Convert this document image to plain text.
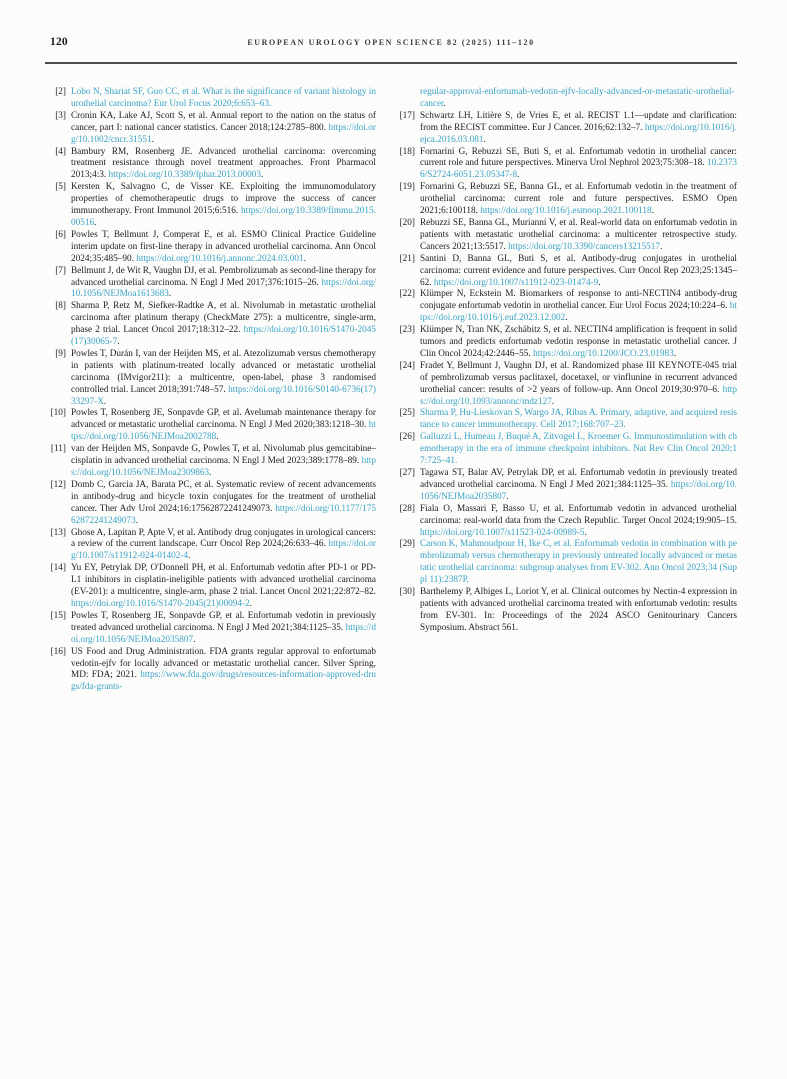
120	EUROPEAN UROLOGY OPEN SCIENCE 82 (2025) 111–120
[2] Lobo N, Shariat SF, Guo CC, et al. What is the significance of variant histology in urothelial carcinoma? Eur Urol Focus 2020;6:653–63.
[3] Cronin KA, Lake AJ, Scott S, et al. Annual report to the nation on the status of cancer, part I: national cancer statistics. Cancer 2018;124:2785–800. https://doi.org/10.1002/cncr.31551.
[4] Bambury RM, Rosenberg JE. Advanced urothelial carcinoma: overcoming treatment resistance through novel treatment approaches. Front Pharmacol 2013;4:3. https://doi.org/10.3389/fphar.2013.00003.
[5] Kersten K, Salvagno C, de Visser KE. Exploiting the immunomodulatory properties of chemotherapeutic drugs to improve the success of cancer immunotherapy. Front Immunol 2015;6:516. https://doi.org/10.3389/fimmu.2015.00516.
[6] Powles T, Bellmunt J, Comperat E, et al. ESMO Clinical Practice Guideline interim update on first-line therapy in advanced urothelial carcinoma. Ann Oncol 2024;35:485–90. https://doi.org/10.1016/j.annonc.2024.03.001.
[7] Bellmunt J, de Wit R, Vaughn DJ, et al. Pembrolizumab as second-line therapy for advanced urothelial carcinoma. N Engl J Med 2017;376:1015–26. https://doi.org/10.1056/NEJMoa1613683.
[8] Sharma P, Retz M, Siefker-Radtke A, et al. Nivolumab in metastatic urothelial carcinoma after platinum therapy (CheckMate 275): a multicentre, single-arm, phase 2 trial. Lancet Oncol 2017;18:312–22. https://doi.org/10.1016/S1470-2045(17)30065-7.
[9] Powles T, Durán I, van der Heijden MS, et al. Atezolizumab versus chemotherapy in patients with platinum-treated locally advanced or metastatic urothelial carcinoma (IMvigor211): a multicentre, open-label, phase 3 randomised controlled trial. Lancet 2018;391:748–57. https://doi.org/10.1016/S0140-6736(17)33297-X.
[10] Powles T, Rosenberg JE, Sonpavde GP, et al. Avelumab maintenance therapy for advanced or metastatic urothelial carcinoma. N Engl J Med 2020;383:1218–30. https://doi.org/10.1056/NEJMoa2002788.
[11] van der Heijden MS, Sonpavde G, Powles T, et al. Nivolumab plus gemcitabine–cisplatin in advanced urothelial carcinoma. N Engl J Med 2023;389:1778–89. https://doi.org/10.1056/NEJMoa2309863.
[12] Domb C, Garcia JA, Barata PC, et al. Systematic review of recent advancements in antibody-drug and bicycle toxin conjugates for the treatment of urothelial cancer. Ther Adv Urol 2024;16:17562872241249073. https://doi.org/10.1177/17562872241249073.
[13] Ghose A, Lapitan P, Apte V, et al. Antibody drug conjugates in urological cancers: a review of the current landscape. Curr Oncol Rep 2024;26:633–46. https://doi.org/10.1007/s11912-024-01402-4.
[14] Yu EY, Petrylak DP, O'Donnell PH, et al. Enfortumab vedotin after PD-1 or PD-L1 inhibitors in cisplatin-ineligible patients with advanced urothelial carcinoma (EV-201): a multicentre, single-arm, phase 2 trial. Lancet Oncol 2021;22:872–82. https://doi.org/10.1016/S1470-2045(21)00094-2.
[15] Powles T, Rosenberg JE, Sonpavde GP, et al. Enfortumab vedotin in previously treated advanced urothelial carcinoma. N Engl J Med 2021;384:1125–35. https://doi.org/10.1056/NEJMoa2035807.
[16] US Food and Drug Administration. FDA grants regular approval to enfortumab vedotin-ejfv for locally advanced or metastatic urothelial cancer. Silver Spring, MD: FDA; 2021. https://www.fda.gov/drugs/resources-information-approved-drugs/fda-grants-
regular-approval-enfortumab-vedotin-ejfv-locally-advanced-or-metastatic-urothelial-cancer.
[17] Schwartz LH, Litière S, de Vries E, et al. RECIST 1.1—update and clarification: from the RECIST committee. Eur J Cancer. 2016;62:132–7. https://doi.org/10.1016/j.ejca.2016.03.081.
[18] Fornarini G, Rebuzzi SE, Buti S, et al. Enfortumab vedotin in urothelial cancer: current role and future perspectives. Minerva Urol Nephrol 2023;75:308–18. 10.23736/S2724-6051.23.05347-8.
[19] Fornarini G, Rebuzzi SE, Banna GL, et al. Enfortumab vedotin in the treatment of urothelial carcinoma: current role and future perspectives. ESMO Open 2021;6:100118. https://doi.org/10.1016/j.esmoop.2021.100118.
[20] Rebuzzi SE, Banna GL, Murianni V, et al. Real-world data on enfortumab vedotin in patients with metastatic urothelial carcinoma: a multicenter retrospective study. Cancers 2021;13:5517. https://doi.org/10.3390/cancers13215517.
[21] Santini D, Banna GL, Buti S, et al. Antibody-drug conjugates in urothelial carcinoma: current evidence and future perspectives. Curr Oncol Rep 2023;25:1345–62. https://doi.org/10.1007/s11912-023-01474-9.
[22] Klümper N, Eckstein M. Biomarkers of response to anti-NECTIN4 antibody-drug conjugate enfortumab vedotin in urothelial cancer. Eur Urol Focus 2024;10:224–6. https://doi.org/10.1016/j.euf.2023.12.002.
[23] Klümper N, Tran NK, Zschäbitz S, et al. NECTIN4 amplification is frequent in solid tumors and predicts enfortumab vedotin response in metastatic urothelial cancer. J Clin Oncol 2024;42:2446–55. https://doi.org/10.1200/JCO.23.01983.
[24] Fradet Y, Bellmunt J, Vaughn DJ, et al. Randomized phase III KEYNOTE-045 trial of pembrolizumab versus paclitaxel, docetaxel, or vinflunine in recurrent advanced urothelial cancer: results of >2 years of follow-up. Ann Oncol 2019;30:970–6. https://doi.org/10.1093/annonc/mdz127.
[25] Sharma P, Hu-Lieskovan S, Wargo JA, Ribas A. Primary, adaptive, and acquired resistance to cancer immunotherapy. Cell 2017;168:707–23.
[26] Galluzzi L, Humeau J, Buqué A, Zitvogel L, Kroemer G. Immunostimulation with chemotherapy in the era of immune checkpoint inhibitors. Nat Rev Clin Oncol 2020;17:725–41.
[27] Tagawa ST, Balar AV, Petrylak DP, et al. Enfortumab vedotin in previously treated advanced urothelial carcinoma. N Engl J Med 2021;384:1125–35. https://doi.org/10.1056/NEJMoa2035807.
[28] Fiala O, Massari F, Basso U, et al. Enfortumab vedotin in advanced urothelial carcinoma: real-world data from the Czech Republic. Target Oncol 2024;19:905–15. https://doi.org/10.1007/s11523-024-00989-5.
[29] Carson K, Mahmoudpour H, Ike C, et al. Enfortumab vedotin in combination with pembrolizumab versus chemotherapy in previously untreated locally advanced or metastatic urothelial carcinoma: subgroup analyses from EV-302. Ann Oncol 2023;34 (Suppl 11):2387P.
[30] Barthelemy P, Albiges L, Loriot Y, et al. Clinical outcomes by Nectin-4 expression in patients with advanced urothelial carcinoma treated with enfortumab vedotin: results from EV-301. In: Proceedings of the 2024 ASCO Genitourinary Cancers Symposium. Abstract 561.
